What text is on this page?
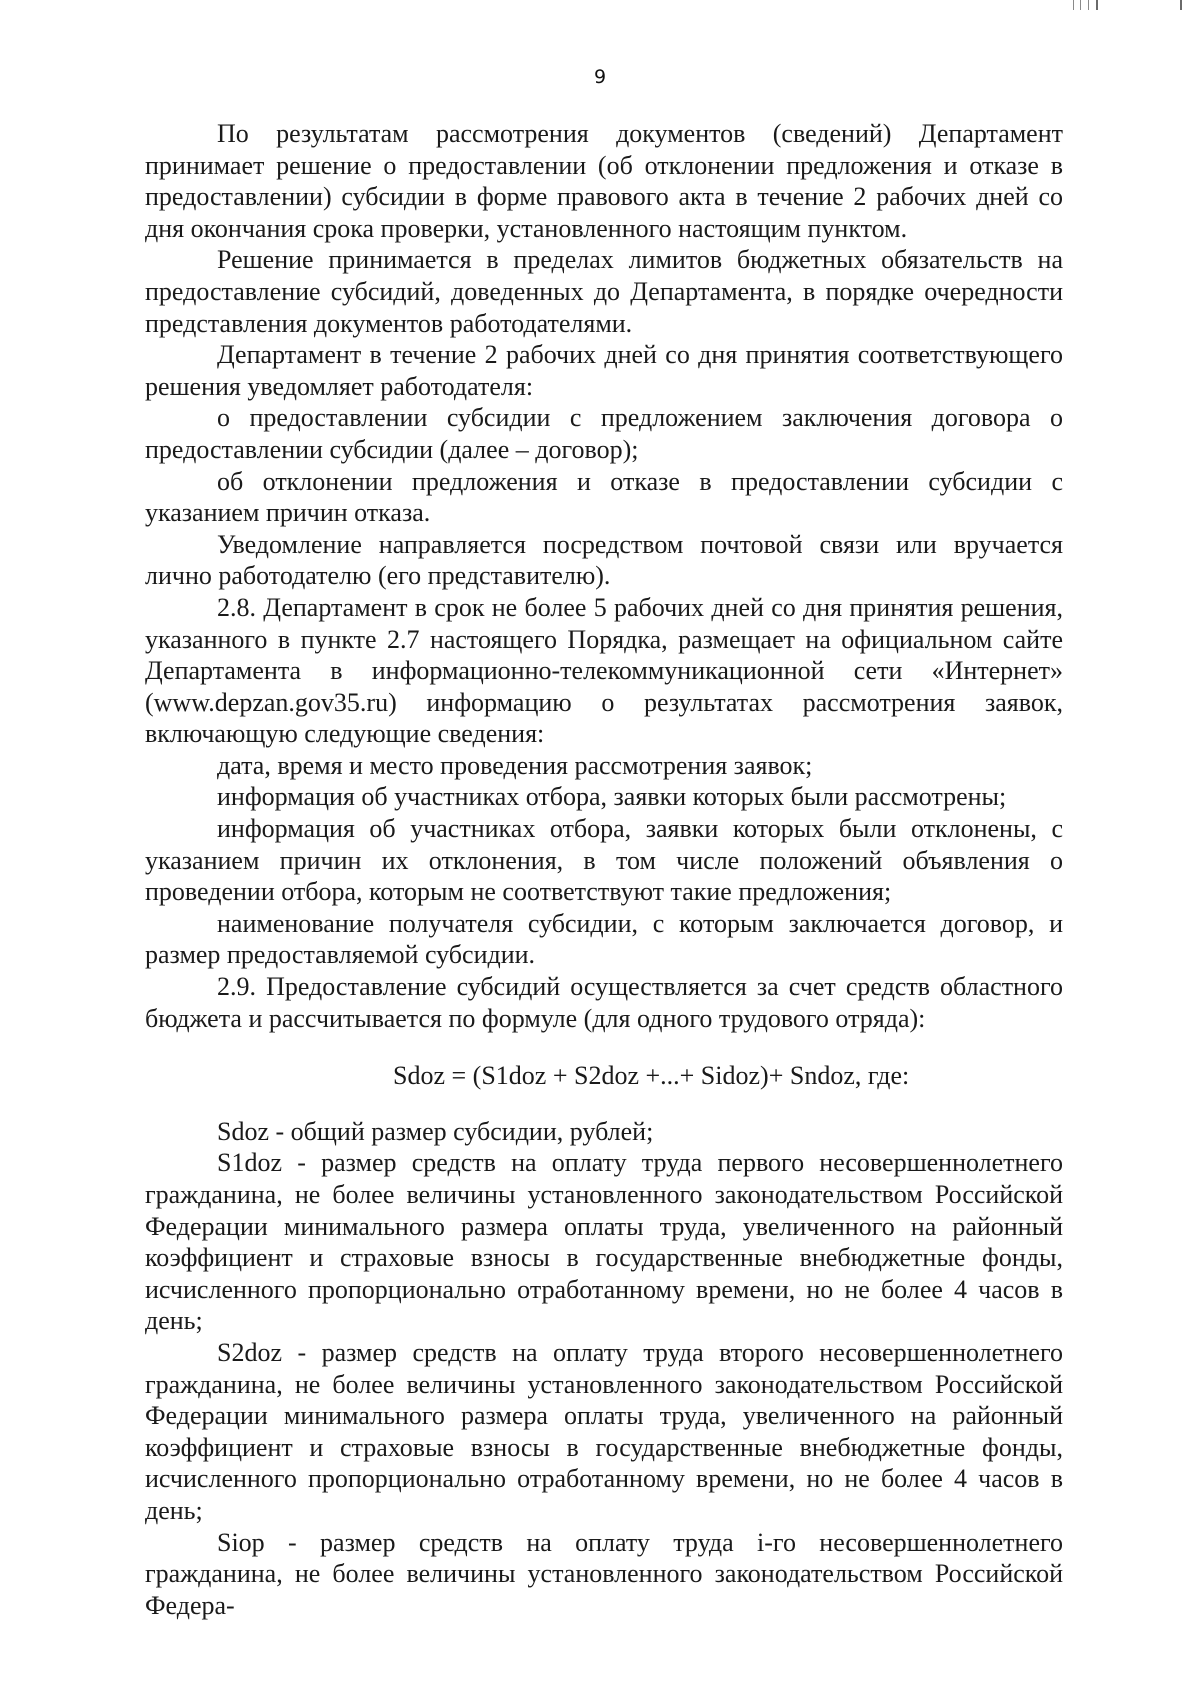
9

По результатам рассмотрения документов (сведений) Департамент принимает решение о предоставлении (об отклонении предложения и отказе в предоставлении) субсидии в форме правового акта в течение 2 рабочих дней со дня окончания срока проверки, установленного настоящим пунктом.

Решение принимается в пределах лимитов бюджетных обязательств на предоставление субсидий, доведенных до Департамента, в порядке очередности представления документов работодателями.

Департамент в течение 2 рабочих дней со дня принятия соответствующего решения уведомляет работодателя:

о предоставлении субсидии с предложением заключения договора о предоставлении субсидии (далее – договор);

об отклонении предложения и отказе в предоставлении субсидии с указанием причин отказа.

Уведомление направляется посредством почтовой связи или вручается лично работодателю (его представителю).

2.8. Департамент в срок не более 5 рабочих дней со дня принятия решения, указанного в пункте 2.7 настоящего Порядка, размещает на официальном сайте Департамента в информационно-телекоммуникационной сети «Интернет» (www.depzan.gov35.ru) информацию о результатах рассмотрения заявок, включающую следующие сведения:

дата, время и место проведения рассмотрения заявок;

информация об участниках отбора, заявки которых были рассмотрены;

информация об участниках отбора, заявки которых были отклонены, с указанием причин их отклонения, в том числе положений объявления о проведении отбора, которым не соответствуют такие предложения;

наименование получателя субсидии, с которым заключается договор, и размер предоставляемой субсидии.

2.9. Предоставление субсидий осуществляется за счет средств областного бюджета и рассчитывается по формуле (для одного трудового отряда):

Sdoz = (S1doz + S2doz +...+ Sidoz)+ Sndoz, где:

Sdoz - общий размер субсидии, рублей;

S1doz - размер средств на оплату труда первого несовершеннолетнего гражданина, не более величины установленного законодательством Российской Федерации минимального размера оплаты труда, увеличенного на районный коэффициент и страховые взносы в государственные внебюджетные фонды, исчисленного пропорционально отработанному времени, но не более 4 часов в день;

S2doz - размер средств на оплату труда второго несовершеннолетнего гражданина, не более величины установленного законодательством Российской Федерации минимального размера оплаты труда, увеличенного на районный коэффициент и страховые взносы в государственные внебюджетные фонды, исчисленного пропорционально отработанному времени, но не более 4 часов в день;

Siop - размер средств на оплату труда i-го несовершеннолетнего гражданина, не более величины установленного законодательством Российской Федера-
